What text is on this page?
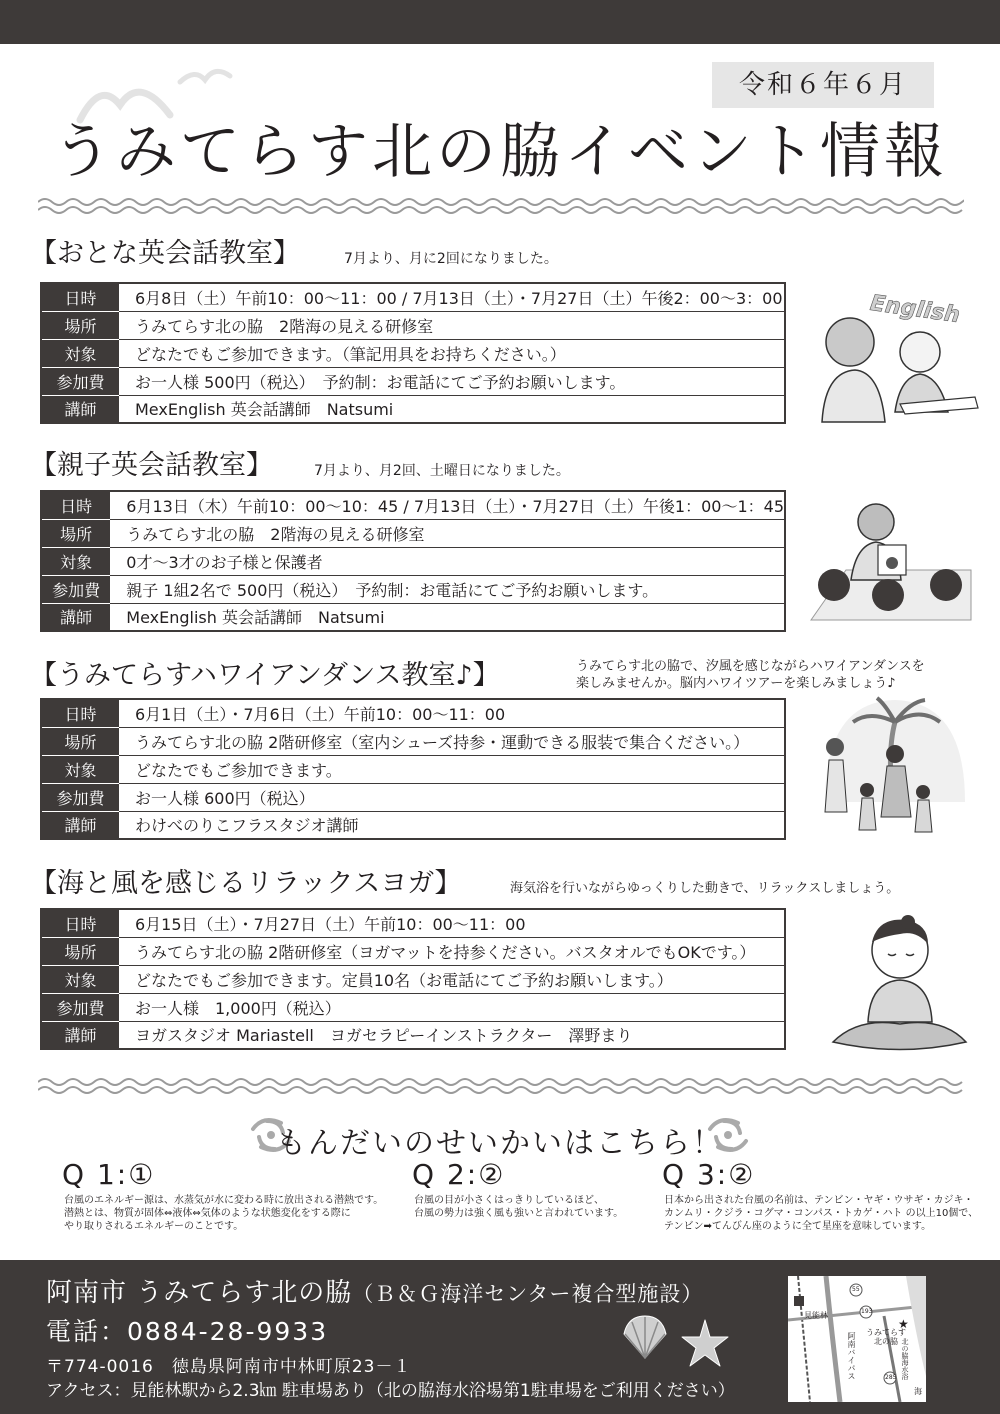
令和６年６月
うみてらす北の脇イベント情報
【おとな英会話教室】	7月より、月に2回になりました。
日時	6月8日（土）午前10：00～11：00 / 7月13日（土）・7月27日（土）午後2：00～3：00
場所	うみてらす北の脇　2階海の見える研修室
対象	どなたでもご参加できます。（筆記用具をお持ちください。）
参加費	お一人様 500円（税込）　予約制：お電話にてご予約お願いします。
講師	MexEnglish 英会話講師　Natsumi
English
【親子英会話教室】	7月より、月2回、土曜日になりました。
日時	6月13日（木）午前10：00～10：45 / 7月13日（土）・7月27日（土）午後1：00～1：45
場所	うみてらす北の脇　2階海の見える研修室
対象	0才～3才のお子様と保護者
参加費	親子 1組2名で 500円（税込）　予約制：お電話にてご予約お願いします。
講師	MexEnglish 英会話講師　Natsumi
【うみてらすハワイアンダンス教室♪】	うみてらす北の脇で、汐風を感じながらハワイアンダンスを
楽しみませんか。脳内ハワイツアーを楽しみましょう♪
日時	6月1日（土）・7月6日（土）午前10：00～11：00
場所	うみてらす北の脇 2階研修室（室内シューズ持参・運動できる服装で集合ください。）
対象	どなたでもご参加できます。
参加費	お一人様 600円（税込）
講師	わけべのりこフラスタジオ講師
【海と風を感じるリラックスヨガ】	海気浴を行いながらゆっくりした動きで、リラックスしましょう。
日時	6月15日（土）・7月27日（土）午前10：00～11：00
場所	うみてらす北の脇 2階研修室（ヨガマットを持参ください。バスタオルでもOKです。）
対象	どなたでもご参加できます。定員10名（お電話にてご予約お願いします。）
参加費	お一人様　1,000円（税込）
講師	ヨガスタジオ Mariastell　ヨガセラピーインストラクター　澤野まり
もんだいのせいかいはこちら！
Q 1:①
台風のエネルギー源は、水蒸気が水に変わる時に放出される潜熱です。
潜熱とは、物質が固体⇔液体⇔気体のような状態変化をする際に
やり取りされるエネルギーのことです。
Q 2:②
台風の目が小さくはっきりしているほど、
台風の勢力は強く風も強いと言われています。
Q 3:②
日本から出された台風の名前は、テンビン・ヤギ・ウサギ・カジキ・
カンムリ・クジラ・コグマ・コンパス・トカゲ・ハト の以上10個で、
テンビン➡てんびん座のように全て星座を意味しています。
阿南市 うみてらす北の脇（Ｂ＆Ｇ海洋センター複合型施設）
電話：0884-28-9933
〒774-0016　徳島県阿南市中林町原23－１
アクセス：見能林駅から2.3㎞ 駐車場あり（北の脇海水浴場第1駐車場をご利用ください）
★
見能林
阿南バイパス うみてらす
北の脇
55
193
285 北の脇海水浴
海
